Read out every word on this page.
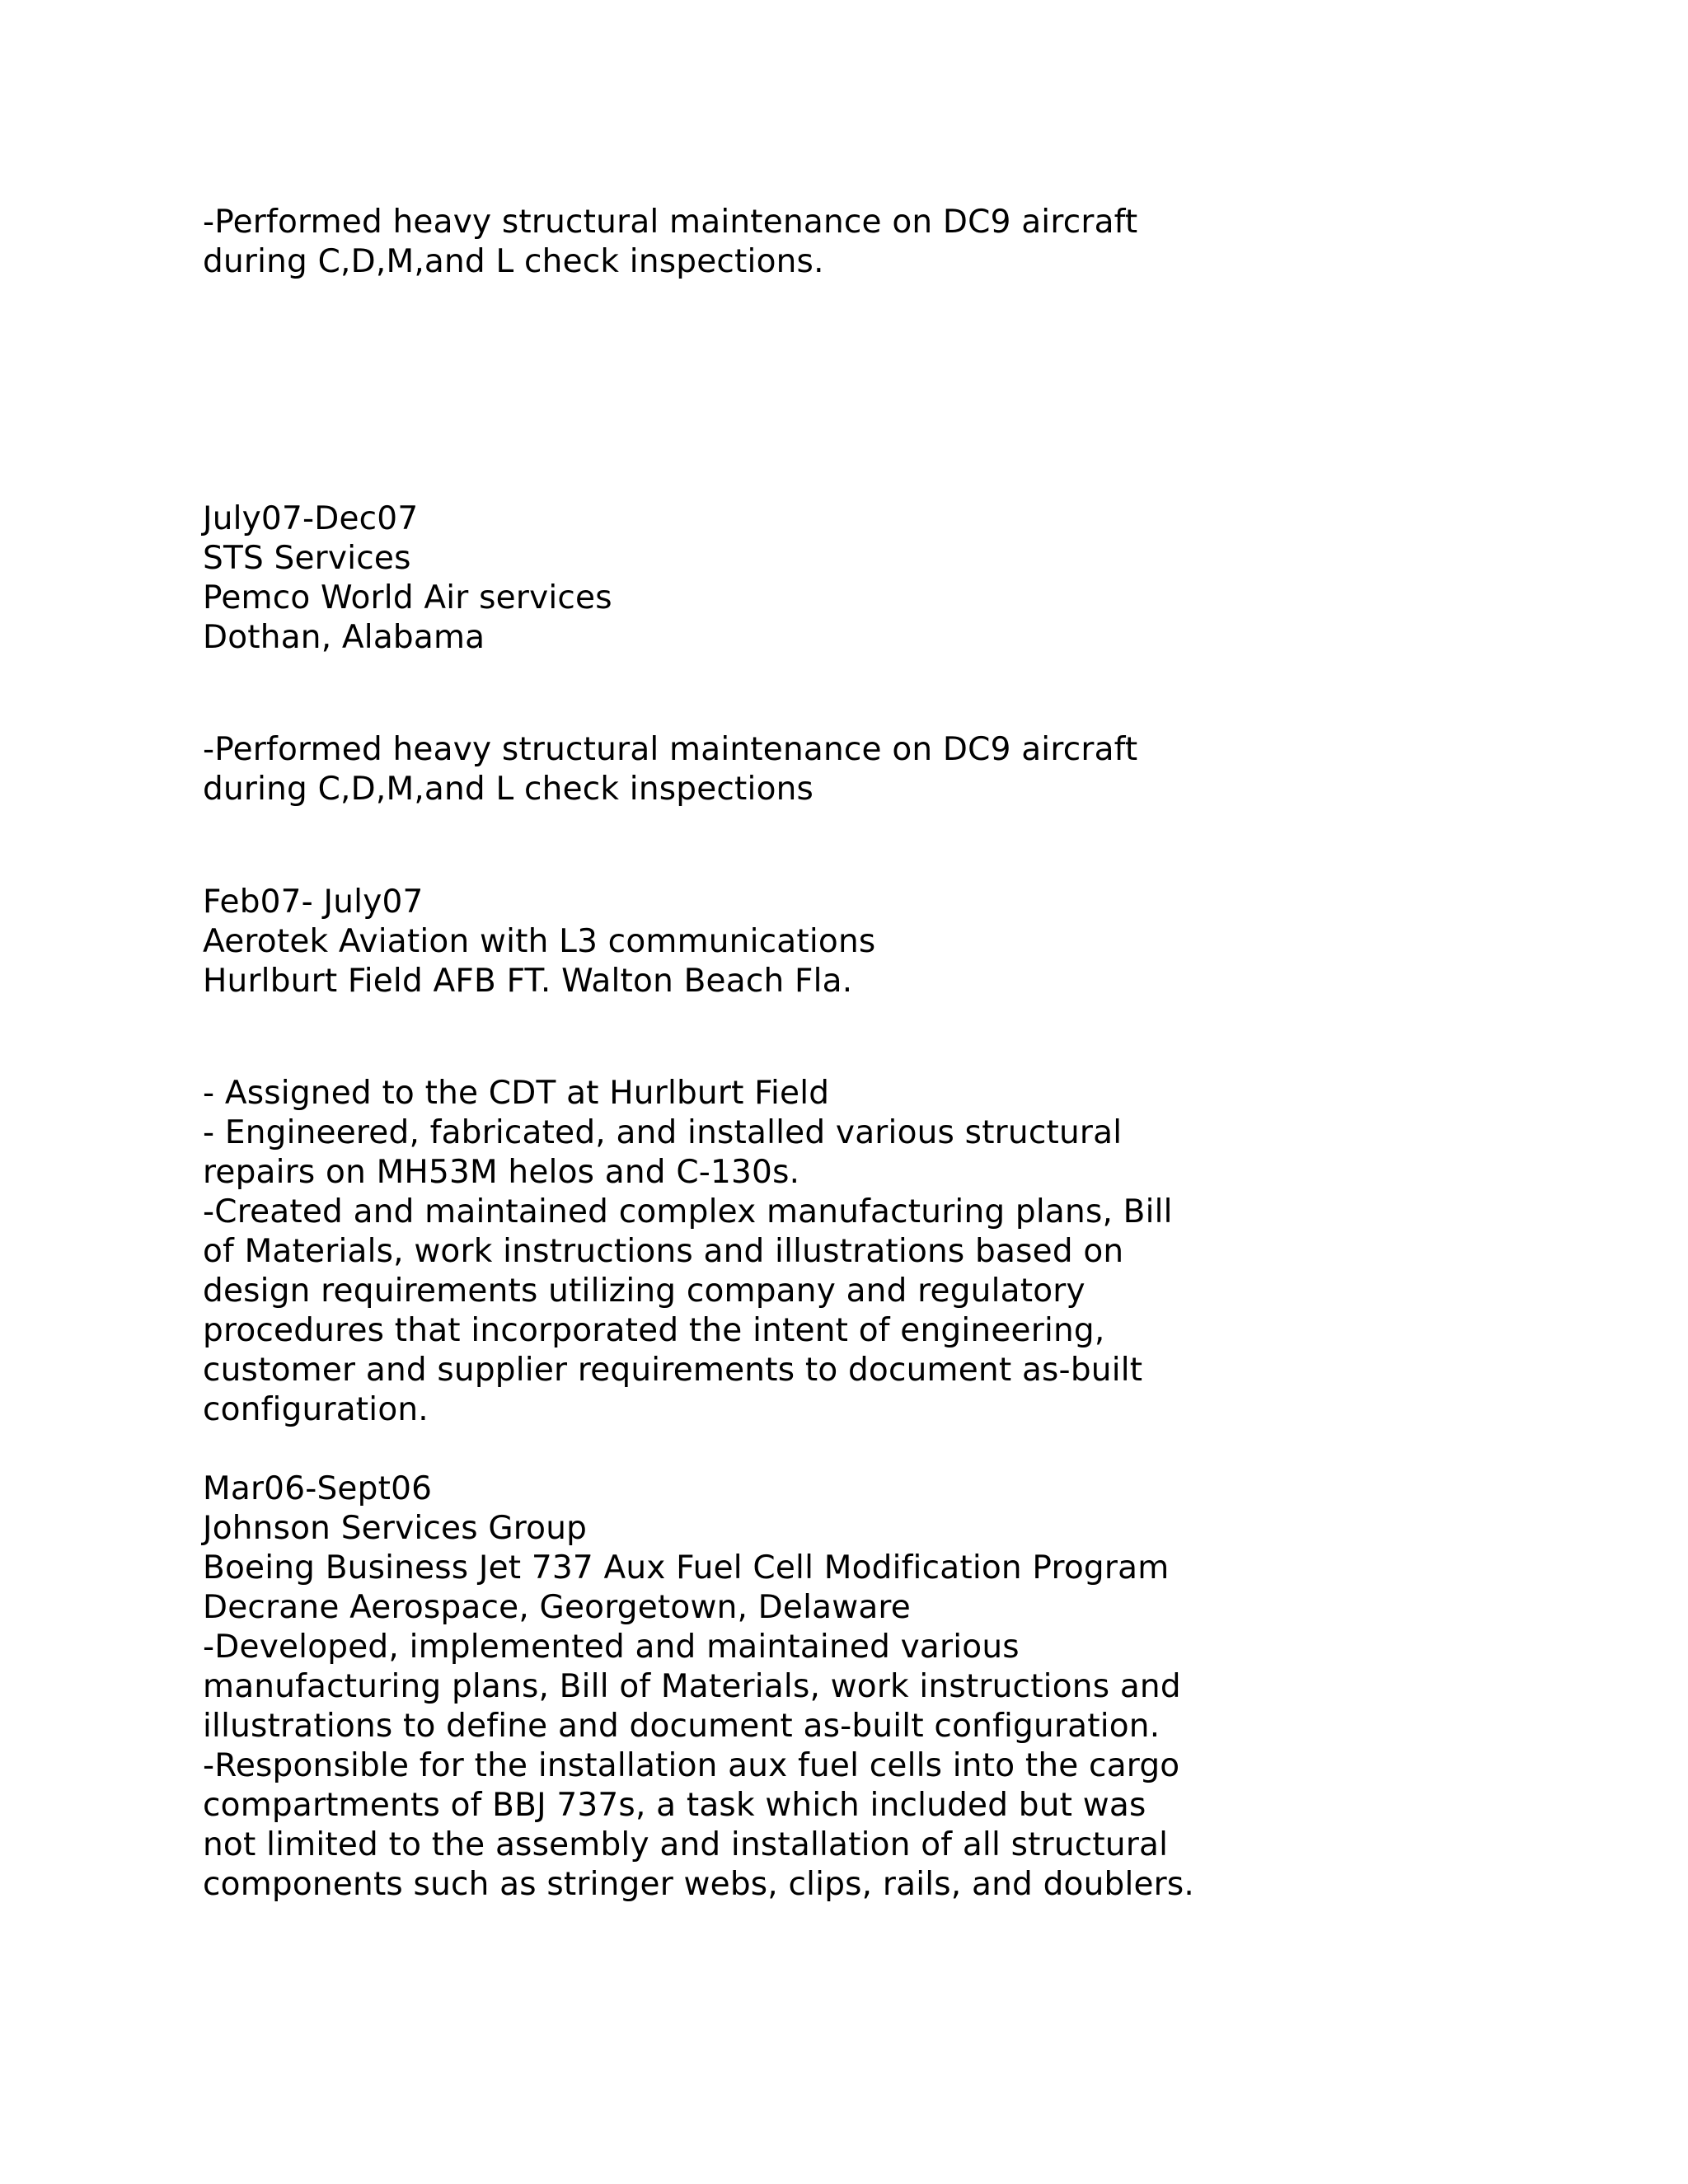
-Performed heavy structural maintenance on DC9 aircraft
during C,D,M,and L check inspections.
July07-Dec07
STS Services
Pemco World Air services
Dothan, Alabama
-Performed heavy structural maintenance on DC9 aircraft
during C,D,M,and L check inspections
Feb07- July07
Aerotek Aviation with L3 communications
Hurlburt Field AFB FT. Walton Beach Fla.
- Assigned to the CDT at Hurlburt Field
- Engineered, fabricated, and installed various structural
repairs on MH53M helos and C-130s.
-Created and maintained complex manufacturing plans, Bill
of Materials, work instructions and illustrations based on
design requirements utilizing company and regulatory
procedures that incorporated the intent of engineering,
customer and supplier requirements to document as-built
configuration.
Mar06-Sept06
Johnson Services Group
Boeing Business Jet 737 Aux Fuel Cell Modification Program
Decrane Aerospace, Georgetown, Delaware
-Developed, implemented and maintained various
manufacturing plans, Bill of Materials, work instructions and
illustrations to define and document as-built configuration.
-Responsible for the installation aux fuel cells into the cargo
compartments of BBJ 737s, a task which included but was
not limited to the assembly and installation of all structural
components such as stringer webs, clips, rails, and doublers.
